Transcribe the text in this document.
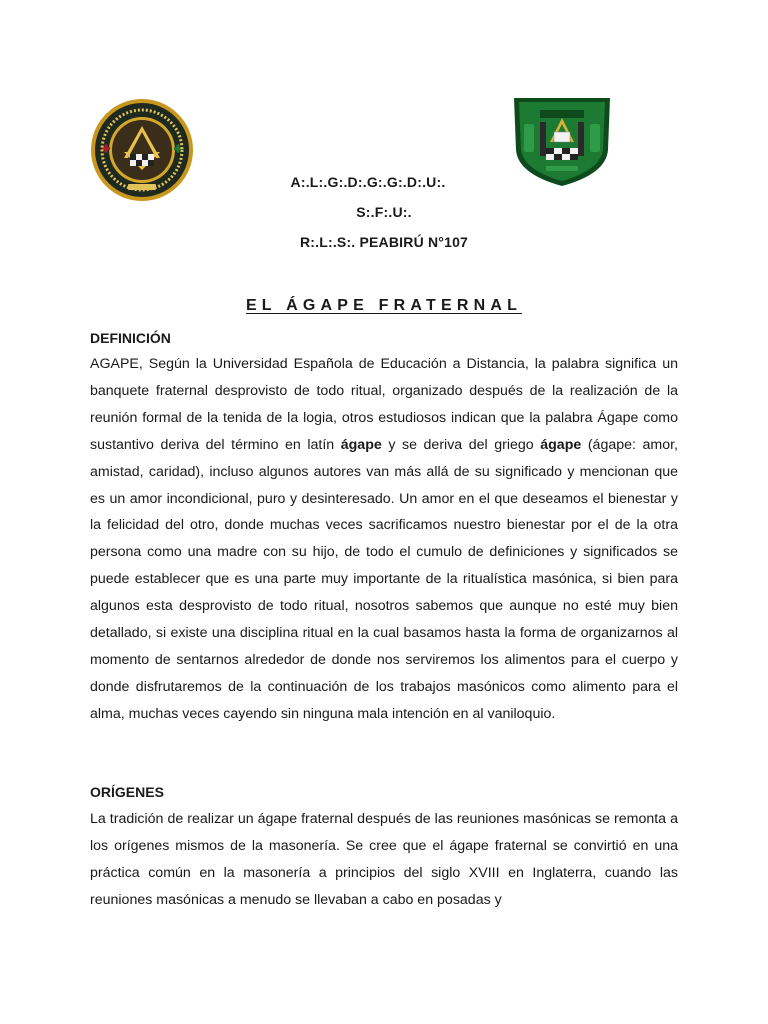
A:.L:.G:.D:.G:.G:.D:.U:.
S:.F:.U:.
R:.L:.S:. PEABIRÚ N°107
EL ÁGAPE FRATERNAL
DEFINICIÓN

AGAPE, Según la Universidad Española de Educación a Distancia, la palabra significa un banquete fraternal desprovisto de todo ritual, organizado después de la realización de la reunión formal de la tenida de la logia, otros estudiosos indican que la palabra Ágape como sustantivo deriva del término en latín ágape y se deriva del griego ágape (ágape: amor, amistad, caridad), incluso algunos autores van más allá de su significado y mencionan que es un amor incondicional, puro y desinteresado. Un amor en el que deseamos el bienestar y la felicidad del otro, donde muchas veces sacrificamos nuestro bienestar por el de la otra persona como una madre con su hijo, de todo el cumulo de definiciones y significados se puede establecer que es una parte muy importante de la ritualística masónica, si bien para algunos esta desprovisto de todo ritual, nosotros sabemos que aunque no esté muy bien detallado, si existe una disciplina ritual en la cual basamos hasta la forma de organizarnos al momento de sentarnos alrededor de donde nos serviremos los alimentos para el cuerpo y donde disfrutaremos de la continuación de los trabajos masónicos como alimento para el alma, muchas veces cayendo sin ninguna mala intención en al vaniloquio.

ORÍGENES

La tradición de realizar un ágape fraternal después de las reuniones masónicas se remonta a los orígenes mismos de la masonería. Se cree que el ágape fraternal se convirtió en una práctica común en la masonería a principios del siglo XVIII en Inglaterra, cuando las reuniones masónicas a menudo se llevaban a cabo en posadas y
